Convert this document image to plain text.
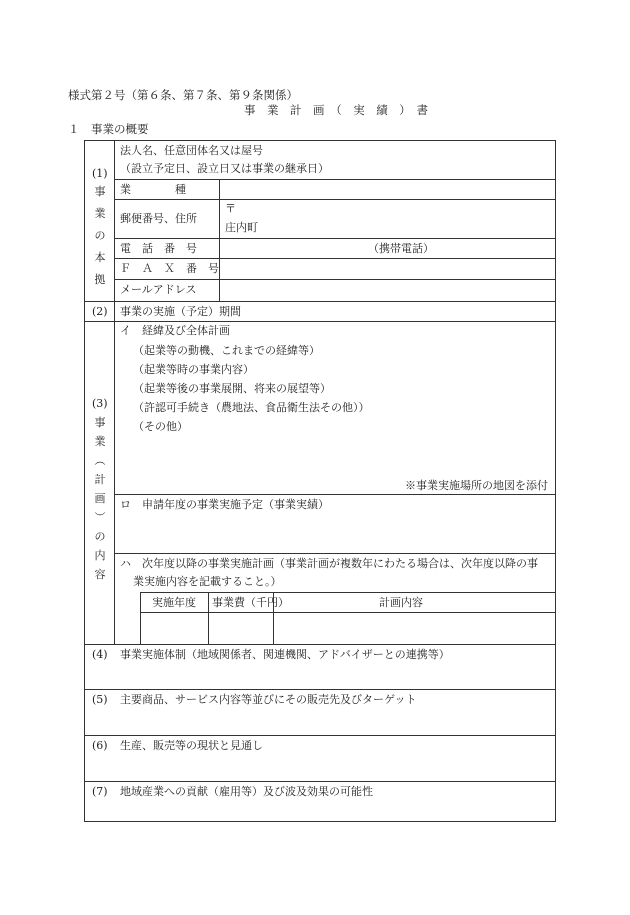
様式第２号（第６条、第７条、第９条関係）
事　業　計　画　（　実　績　）　書
１　事業の概要
(1)
事
業
の
本
拠
法人名、任意団体名又は屋号
（設立予定日、設立日又は事業の継承日）
業　　　　種
郵便番号、住所
〒
庄内町
電　話　番　号	（携帯電話）
Ｆ　Ａ　Ｘ　番　号
メールアドレス
(2) 事業の実施（予定）期間
(3)
事
業
︵
計
画
︶
の
内
容
イ　経緯及び全体計画
（起業等の動機、これまでの経緯等）
（起業等時の事業内容）
（起業等後の事業展開、将来の展望等）
（許認可手続き（農地法、食品衛生法その他））
（その他）
※事業実施場所の地図を添付
ロ　申請年度の事業実施予定（事業実績）
ハ　次年度以降の事業実施計画（事業計画が複数年にわたる場合は、次年度以降の事
業実施内容を記載すること。）
実施年度 事業費（千円）	計画内容
(4) 事業実施体制（地域関係者、関連機関、アドバイザーとの連携等）
(5) 主要商品、サービス内容等並びにその販売先及びターゲット
(6) 生産、販売等の現状と見通し
(7) 地域産業への貢献（雇用等）及び波及効果の可能性
